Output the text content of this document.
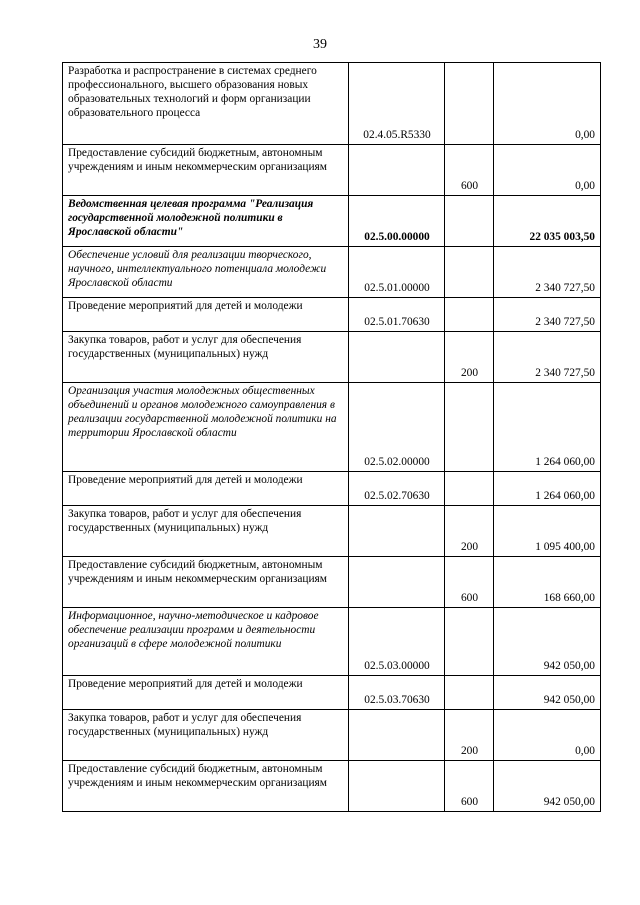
39
Разработка и распространение в системах среднего профессионального, высшего образования новых образовательных технологий и форм организации образовательного процесса	02.4.05.R5330		0,00
Предоставление субсидий бюджетным, автономным учреждениям и иным некоммерческим организациям		600	0,00
Ведомственная целевая программа "Реализация государственной молодежной политики в Ярославской области"	02.5.00.00000		22 035 003,50
Обеспечение условий для реализации творческого, научного, интеллектуального потенциала молодежи Ярославской области	02.5.01.00000		2 340 727,50
Проведение мероприятий для детей и молодежи	02.5.01.70630		2 340 727,50
Закупка товаров, работ и услуг для обеспечения государственных (муниципальных) нужд		200	2 340 727,50
Организация участия молодежных общественных объединений и органов молодежного самоуправления в реализации государственной молодежной политики на территории Ярославской области	02.5.02.00000		1 264 060,00
Проведение мероприятий для детей и молодежи	02.5.02.70630		1 264 060,00
Закупка товаров, работ и услуг для обеспечения государственных (муниципальных) нужд		200	1 095 400,00
Предоставление субсидий бюджетным, автономным учреждениям и иным некоммерческим организациям		600	168 660,00
Информационное, научно-методическое и кадровое обеспечение реализации программ и деятельности организаций в сфере молодежной политики	02.5.03.00000		942 050,00
Проведение мероприятий для детей и молодежи	02.5.03.70630		942 050,00
Закупка товаров, работ и услуг для обеспечения государственных (муниципальных) нужд		200	0,00
Предоставление субсидий бюджетным, автономным учреждениям и иным некоммерческим организациям		600	942 050,00
